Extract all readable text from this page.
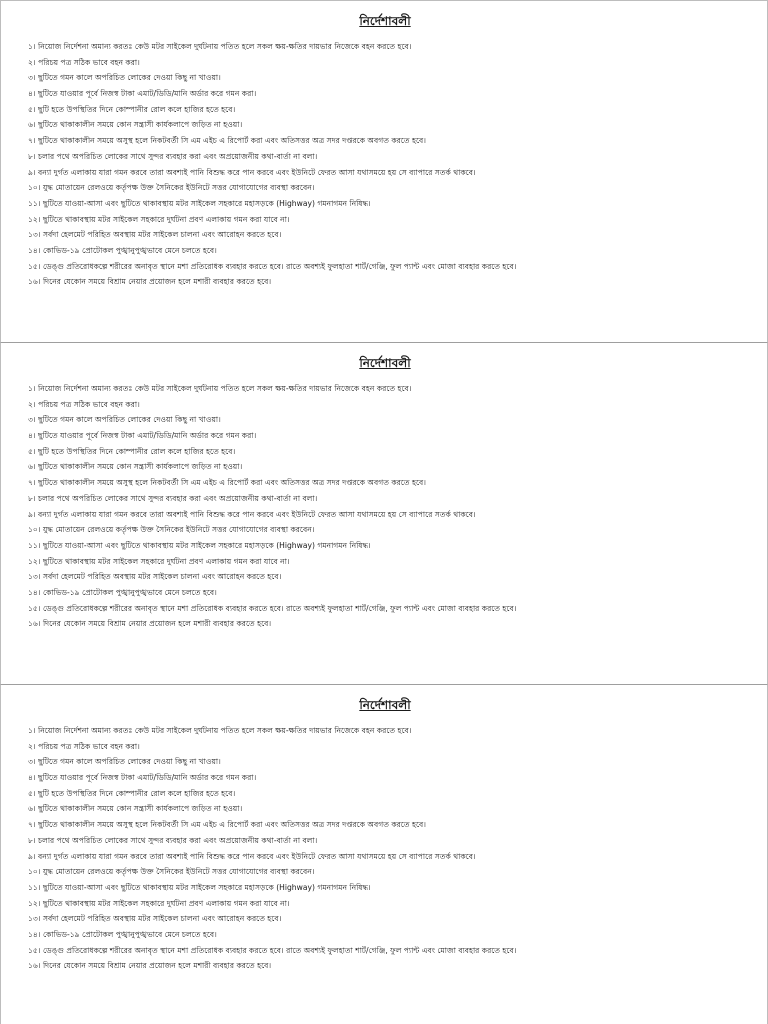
নির্দেশাবলী
১। নিয়োজ নির্দেশনা অমান্য করতঃ কেউ মটর সাইকেল দুর্ঘটনায় পতিত হলে সকল ক্ষয়-ক্ষতির দায়ভার নিজেকে বহন করতে হবে।
২। পরিচয় পত্র সঠিক ভাবে বহন করা।
৩। ছুটিতে গমন কালে অপরিচিত লোকের দেওয়া কিছু না খাওয়া।
৪। ছুটিতে যাওয়ার পূর্বে নিজস্ব টাকা এমাট/ডিডি/মানি অর্ডার করে গমন করা।
৫। ছুটি হতে উপস্থিতির দিনে কোম্পানীর রোল কলে হাজির হতে হবে।
৬। ছুটিতে থাকাকালীন সময়ে কোন সন্ত্রাসী কার্যকলাপে জড়িত না হওয়া।
৭। ছুটিতে থাকাকালীন সময়ে অসুস্থ হলে নিকটবর্তী সি এম এইচ এ রিপোর্ট করা এবং অতিসত্তর অত্র সদর দপ্তরকে অবগত করতে হবে।
৮। চলার পথে অপরিচিত লোকের সাথে সুন্দর ব্যবহার করা এবং অপ্রয়োজনীয় কথা-বার্তা না বলা।
৯। বন্যা দুর্গত এলাকায় যারা গমন করবে তারা অবশ্যই পানি বিশুদ্ধ করে পান করবে এবং ইউনিটে ফেরত আসা যথাসময়ে হয় সে ব্যাপারে সতর্ক থাকবে।
১০। যুদ্ধ মোতায়েন রেলওয়ে কর্তৃপক্ষ উক্ত সৈনিকের ইউনিটে সত্তর যোগাযোগের ব্যবস্থা করবেন।
১১। ছুটিতে যাওয়া-আসা এবং ছুটিতে থাকাবস্থায় মটর সাইকেল সহকারে মহাসড়কে (Highway) গমনাগমন নিষিদ্ধ।
১২। ছুটিতে থাকাবস্থায় মটর সাইকেল সহকারে দুর্ঘটনা প্রবণ এলাকায় গমন করা যাবে না।
১৩। সর্বদা হেলমেট পরিহিত অবস্থায় মটর সাইকেল চালনা এবং আরোহন করতে হবে।
১৪। কোভিড-১৯ প্রোটোকল পুঙ্খানুপুঙ্খভাবে মেনে চলতে হবে।
১৫। ডেঙ্গু প্রতিরোধকল্পে শরীরের অনাবৃত স্থানে মশা প্রতিরোধক ব্যবহার করতে হবে। রাতে অবশ্যই ফুলহাতা শার্ট/গেঞ্জি, ফুল প্যান্ট এবং মোজা ব্যবহার করতে হবে।
১৬। দিনের যেকোন সময়ে বিশ্রাম নেয়ার প্রয়োজন হলে মশারী ব্যবহার করতে হবে।
নির্দেশাবলী
১। নিয়োজ নির্দেশনা অমান্য করতঃ কেউ মটর সাইকেল দুর্ঘটনায় পতিত হলে সকল ক্ষয়-ক্ষতির দায়ভার নিজেকে বহন করতে হবে।
২। পরিচয় পত্র সঠিক ভাবে বহন করা।
৩। ছুটিতে গমন কালে অপরিচিত লোকের দেওয়া কিছু না খাওয়া।
৪। ছুটিতে যাওয়ার পূর্বে নিজস্ব টাকা এমাট/ডিডি/মানি অর্ডার করে গমন করা।
৫। ছুটি হতে উপস্থিতির দিনে কোম্পানীর রোল কলে হাজির হতে হবে।
৬। ছুটিতে থাকাকালীন সময়ে কোন সন্ত্রাসী কার্যকলাপে জড়িত না হওয়া।
৭। ছুটিতে থাকাকালীন সময়ে অসুস্থ হলে নিকটবর্তী সি এম এইচ এ রিপোর্ট করা এবং অতিসত্তর অত্র সদর দপ্তরকে অবগত করতে হবে।
৮। চলার পথে অপরিচিত লোকের সাথে সুন্দর ব্যবহার করা এবং অপ্রয়োজনীয় কথা-বার্তা না বলা।
৯। বন্যা দুর্গত এলাকায় যারা গমন করবে তারা অবশ্যই পানি বিশুদ্ধ করে পান করবে এবং ইউনিটে ফেরত আসা যথাসময়ে হয় সে ব্যাপারে সতর্ক থাকবে।
১০। যুদ্ধ মোতায়েন রেলওয়ে কর্তৃপক্ষ উক্ত সৈনিকের ইউনিটে সত্তর যোগাযোগের ব্যবস্থা করবেন।
১১। ছুটিতে যাওয়া-আসা এবং ছুটিতে থাকাবস্থায় মটর সাইকেল সহকারে মহাসড়কে (Highway) গমনাগমন নিষিদ্ধ।
১২। ছুটিতে থাকাবস্থায় মটর সাইকেল সহকারে দুর্ঘটনা প্রবণ এলাকায় গমন করা যাবে না।
১৩। সর্বদা হেলমেট পরিহিত অবস্থায় মটর সাইকেল চালনা এবং আরোহন করতে হবে।
১৪। কোভিড-১৯ প্রোটোকল পুঙ্খানুপুঙ্খভাবে মেনে চলতে হবে।
১৫। ডেঙ্গু প্রতিরোধকল্পে শরীরের অনাবৃত স্থানে মশা প্রতিরোধক ব্যবহার করতে হবে। রাতে অবশ্যই ফুলহাতা শার্ট/গেঞ্জি, ফুল প্যান্ট এবং মোজা ব্যবহার করতে হবে।
১৬। দিনের যেকোন সময়ে বিশ্রাম নেয়ার প্রয়োজন হলে মশারী ব্যবহার করতে হবে।
নির্দেশাবলী
১। নিয়োজ নির্দেশনা অমান্য করতঃ কেউ মটর সাইকেল দুর্ঘটনায় পতিত হলে সকল ক্ষয়-ক্ষতির দায়ভার নিজেকে বহন করতে হবে।
২। পরিচয় পত্র সঠিক ভাবে বহন করা।
৩। ছুটিতে গমন কালে অপরিচিত লোকের দেওয়া কিছু না খাওয়া।
৪। ছুটিতে যাওয়ার পূর্বে নিজস্ব টাকা এমাট/ডিডি/মানি অর্ডার করে গমন করা।
৫। ছুটি হতে উপস্থিতির দিনে কোম্পানীর রোল কলে হাজির হতে হবে।
৬। ছুটিতে থাকাকালীন সময়ে কোন সন্ত্রাসী কার্যকলাপে জড়িত না হওয়া।
৭। ছুটিতে থাকাকালীন সময়ে অসুস্থ হলে নিকটবর্তী সি এম এইচ এ রিপোর্ট করা এবং অতিসত্তর অত্র সদর দপ্তরকে অবগত করতে হবে।
৮। চলার পথে অপরিচিত লোকের সাথে সুন্দর ব্যবহার করা এবং অপ্রয়োজনীয় কথা-বার্তা না বলা।
৯। বন্যা দুর্গত এলাকায় যারা গমন করবে তারা অবশ্যই পানি বিশুদ্ধ করে পান করবে এবং ইউনিটে ফেরত আসা যথাসময়ে হয় সে ব্যাপারে সতর্ক থাকবে।
১০। যুদ্ধ মোতায়েন রেলওয়ে কর্তৃপক্ষ উক্ত সৈনিকের ইউনিটে সত্তর যোগাযোগের ব্যবস্থা করবেন।
১১। ছুটিতে যাওয়া-আসা এবং ছুটিতে থাকাবস্থায় মটর সাইকেল সহকারে মহাসড়কে (Highway) গমনাগমন নিষিদ্ধ।
১২। ছুটিতে থাকাবস্থায় মটর সাইকেল সহকারে দুর্ঘটনা প্রবণ এলাকায় গমন করা যাবে না।
১৩। সর্বদা হেলমেট পরিহিত অবস্থায় মটর সাইকেল চালনা এবং আরোহন করতে হবে।
১৪। কোভিড-১৯ প্রোটোকল পুঙ্খানুপুঙ্খভাবে মেনে চলতে হবে।
১৫। ডেঙ্গু প্রতিরোধকল্পে শরীরের অনাবৃত স্থানে মশা প্রতিরোধক ব্যবহার করতে হবে। রাতে অবশ্যই ফুলহাতা শার্ট/গেঞ্জি, ফুল প্যান্ট এবং মোজা ব্যবহার করতে হবে।
১৬। দিনের যেকোন সময়ে বিশ্রাম নেয়ার প্রয়োজন হলে মশারী ব্যবহার করতে হবে।
